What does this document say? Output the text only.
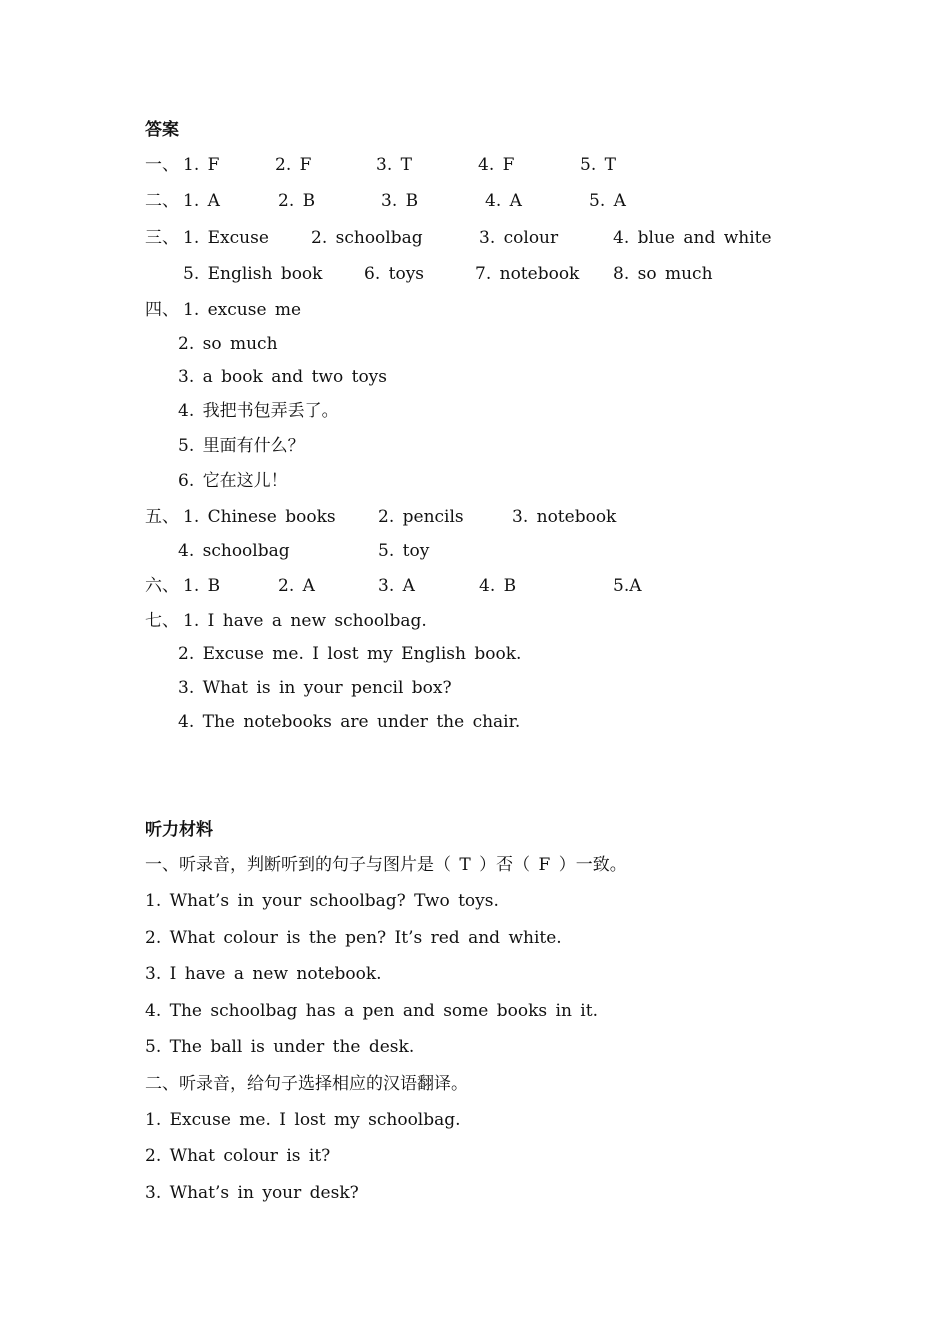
答案
一、 1. F	2. F	3. T	4. F	5. T
二、 1. A	2. B	3. B	4. A	5. A
三、 1. Excuse 2. schoolbag	3. colour	4. blue and white
5. English book 6. toys	7. notebook 8. so much
四、 1. excuse me
2. so much
3. a book and two toys
4. 我把书包弄丢了。
5. 里面有什么？
6. 它在这儿！
五、 1. Chinese books 2. pencils	3. notebook
4. schoolbag	5. toy
六、 1. B	2. A	3. A	4. B	5.A
七、 1. I have a new schoolbag.
2. Excuse me. I lost my English book.
3. What is in your pencil box?
4. The notebooks are under the chair.
听力材料
一、听录音，判断听到的句子与图片是（ T ）否（ F ）一致。
1. What’s in your schoolbag? Two toys.
2. What colour is the pen? It’s red and white.
3. I have a new notebook.
4. The schoolbag has a pen and some books in it.
5. The ball is under the desk.
二、听录音，给句子选择相应的汉语翻译。
1. Excuse me. I lost my schoolbag.
2. What colour is it?
3. What’s in your desk?
